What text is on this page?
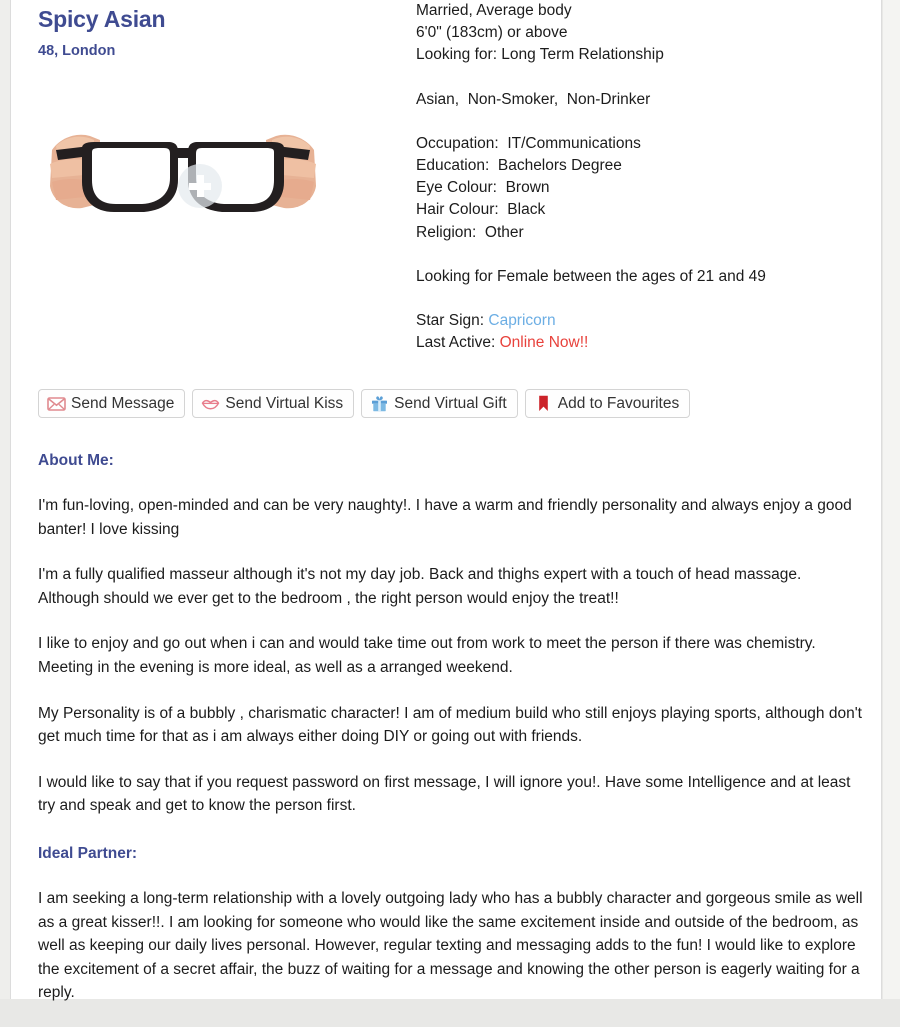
Spicy Asian
48, London
Married, Average body
6'0" (183cm) or above
Looking for: Long Term Relationship
Asian,  Non-Smoker,  Non-Drinker
Occupation:  IT/Communications
Education:  Bachelors Degree
Eye Colour:  Brown
Hair Colour:  Black
Religion:  Other
Looking for Female between the ages of 21 and 49
Star Sign: Capricorn
Last Active: Online Now!!
Send Message	Send Virtual Kiss	Send Virtual Gift	Add to Favourites
About Me:

I'm fun-loving, open-minded and can be very naughty!. I have a warm and friendly personality and always enjoy a good banter! I love kissing

I'm a fully qualified masseur although it's not my day job. Back and thighs expert with a touch of head massage. Although should we ever get to the bedroom , the right person would enjoy the treat!!

I like to enjoy and go out when i can and would take time out from work to meet the person if there was chemistry. Meeting in the evening is more ideal, as well as a arranged weekend.

My Personality is of a bubbly , charismatic character! I am of medium build who still enjoys playing sports, although don't get much time for that as i am always either doing DIY or going out with friends.

I would like to say that if you request password on first message, I will ignore you!. Have some Intelligence and at least try and speak and get to know the person first.

Ideal Partner:

I am seeking a long-term relationship with a lovely outgoing lady who has a bubbly character and gorgeous smile as well as a great kisser!!. I am looking for someone who would like the same excitement inside and outside of the bedroom, as well as keeping our daily lives personal. However, regular texting and messaging adds to the fun! I would like to explore the excitement of a secret affair, the buzz of waiting for a message and knowing the other person is eagerly waiting for a reply.
